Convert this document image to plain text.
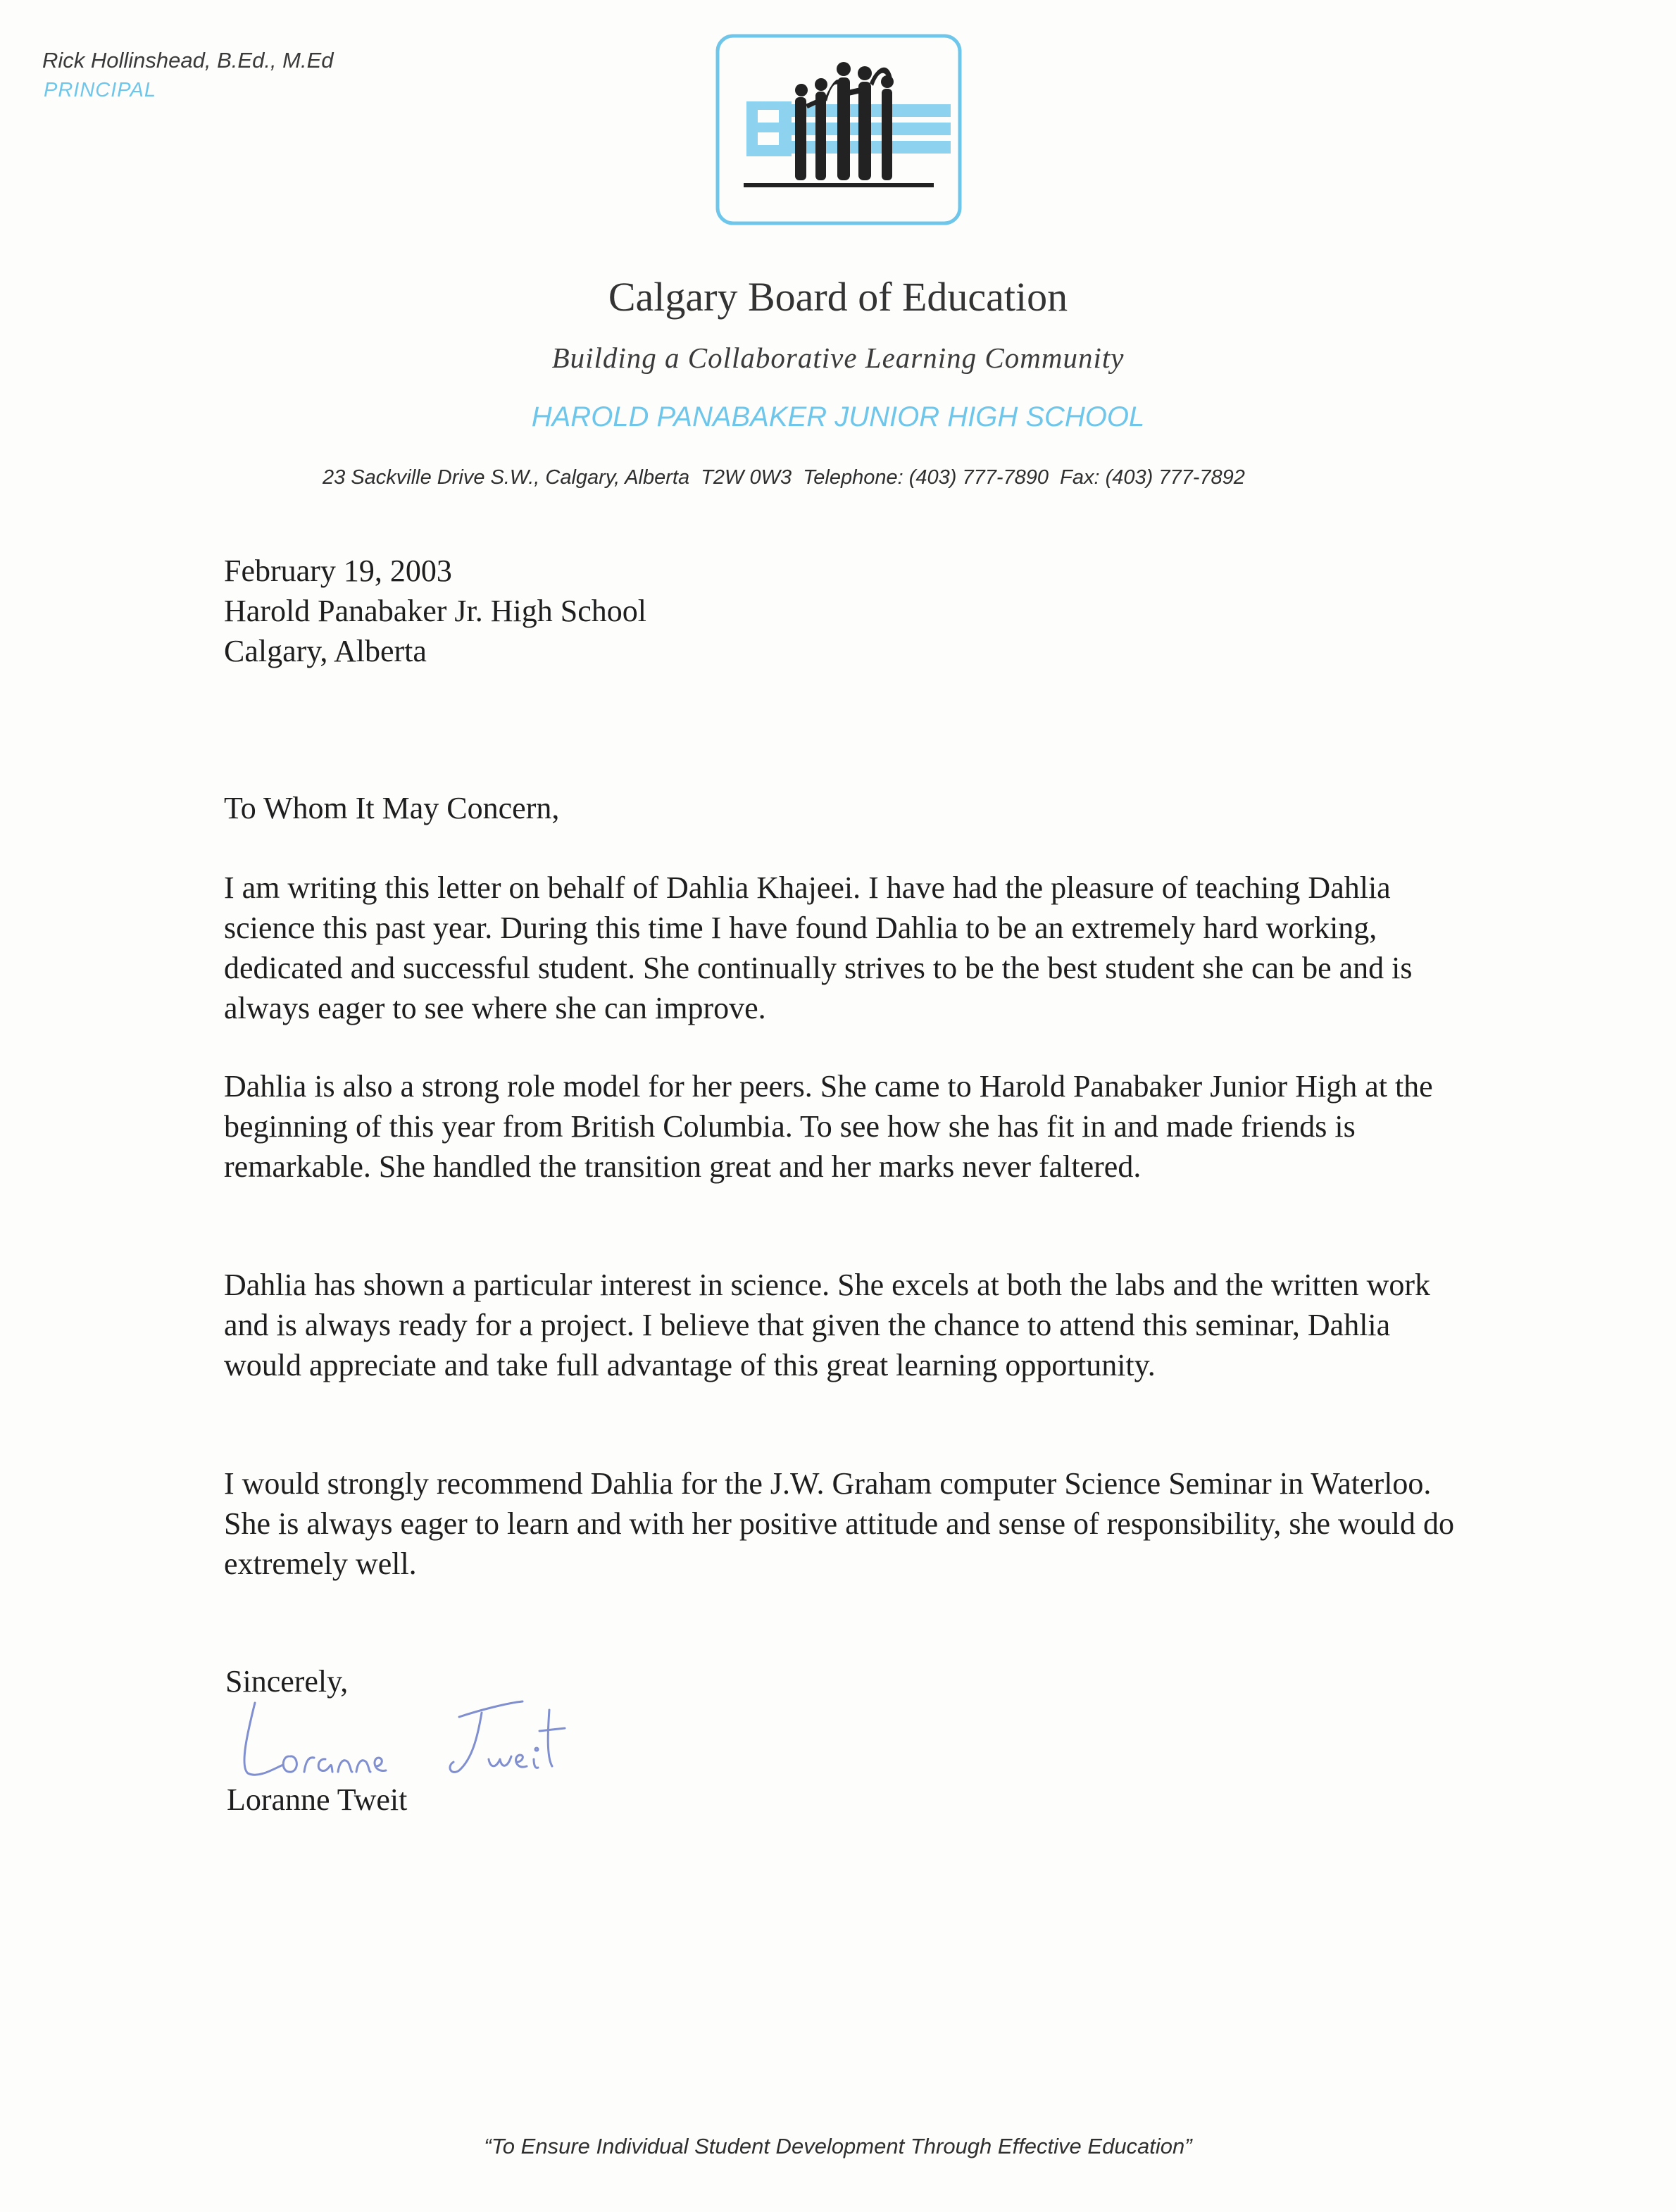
Rick Hollinshead, B.Ed., M.Ed
PRINCIPAL
Calgary Board of Education
Building a Collaborative Learning Community
HAROLD PANABAKER JUNIOR HIGH SCHOOL
23 Sackville Drive S.W., Calgary, Alberta  T2W 0W3  Telephone: (403) 777-7890  Fax: (403) 777-7892
February 19, 2003
Harold Panabaker Jr. High School
Calgary, Alberta
To Whom It May Concern,
I am writing this letter on behalf of Dahlia Khajeei. I have had the pleasure of teaching Dahlia science this past year. During this time I have found Dahlia to be an extremely hard working, dedicated and successful student. She continually strives to be the best student she can be and is always eager to see where she can improve.
Dahlia is also a strong role model for her peers. She came to Harold Panabaker Junior High at the beginning of this year from British Columbia. To see how she has fit in and made friends is remarkable. She handled the transition great and her marks never faltered.
Dahlia has shown a particular interest in science. She excels at both the labs and the written work and is always ready for a project. I believe that given the chance to attend this seminar, Dahlia would appreciate and take full advantage of this great learning opportunity.
I would strongly recommend Dahlia for the J.W. Graham computer Science Seminar in Waterloo. She is always eager to learn and with her positive attitude and sense of responsibility, she would do extremely well.
Sincerely,
Loranne Tweit
“To Ensure Individual Student Development Through Effective Education”
